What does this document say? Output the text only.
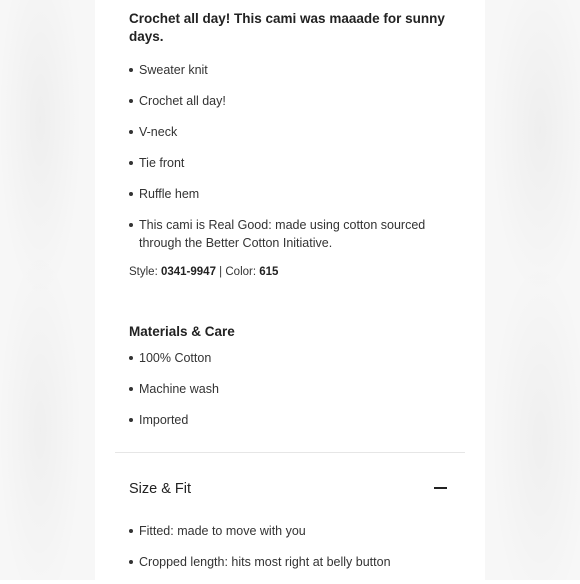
Crochet all day! This cami was maaade for sunny days.
Sweater knit
Crochet all day!
V-neck
Tie front
Ruffle hem
This cami is Real Good: made using cotton sourced through the Better Cotton Initiative.
Style: 0341-9947 | Color: 615
Materials & Care
100% Cotton
Machine wash
Imported
Size & Fit
Fitted: made to move with you
Cropped length: hits most right at belly button
